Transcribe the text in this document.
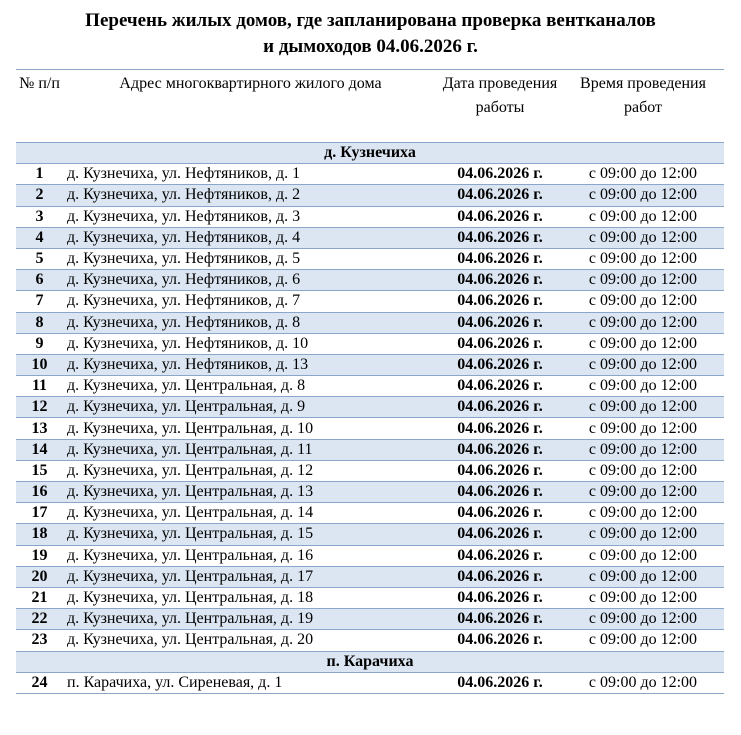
Перечень жилых домов, где запланирована проверка вентканалов
и дымоходов 04.06.2026 г.
№ п/п	Адрес многоквартирного жилого дома	Дата проведения работы	Время проведения работ
д. Кузнечиха			
1	д. Кузнечиха, ул. Нефтяников, д. 1	04.06.2026 г.	с 09:00 до 12:00
2	д. Кузнечиха, ул. Нефтяников, д. 2	04.06.2026 г.	с 09:00 до 12:00
3	д. Кузнечиха, ул. Нефтяников, д. 3	04.06.2026 г.	с 09:00 до 12:00
4	д. Кузнечиха, ул. Нефтяников, д. 4	04.06.2026 г.	с 09:00 до 12:00
5	д. Кузнечиха, ул. Нефтяников, д. 5	04.06.2026 г.	с 09:00 до 12:00
6	д. Кузнечиха, ул. Нефтяников, д. 6	04.06.2026 г.	с 09:00 до 12:00
7	д. Кузнечиха, ул. Нефтяников, д. 7	04.06.2026 г.	с 09:00 до 12:00
8	д. Кузнечиха, ул. Нефтяников, д. 8	04.06.2026 г.	с 09:00 до 12:00
9	д. Кузнечиха, ул. Нефтяников, д. 10	04.06.2026 г.	с 09:00 до 12:00
10	д. Кузнечиха, ул. Нефтяников, д. 13	04.06.2026 г.	с 09:00 до 12:00
11	д. Кузнечиха, ул. Центральная, д. 8	04.06.2026 г.	с 09:00 до 12:00
12	д. Кузнечиха, ул. Центральная, д. 9	04.06.2026 г.	с 09:00 до 12:00
13	д. Кузнечиха, ул. Центральная, д. 10	04.06.2026 г.	с 09:00 до 12:00
14	д. Кузнечиха, ул. Центральная, д. 11	04.06.2026 г.	с 09:00 до 12:00
15	д. Кузнечиха, ул. Центральная, д. 12	04.06.2026 г.	с 09:00 до 12:00
16	д. Кузнечиха, ул. Центральная, д. 13	04.06.2026 г.	с 09:00 до 12:00
17	д. Кузнечиха, ул. Центральная, д. 14	04.06.2026 г.	с 09:00 до 12:00
18	д. Кузнечиха, ул. Центральная, д. 15	04.06.2026 г.	с 09:00 до 12:00
19	д. Кузнечиха, ул. Центральная, д. 16	04.06.2026 г.	с 09:00 до 12:00
20	д. Кузнечиха, ул. Центральная, д. 17	04.06.2026 г.	с 09:00 до 12:00
21	д. Кузнечиха, ул. Центральная, д. 18	04.06.2026 г.	с 09:00 до 12:00
22	д. Кузнечиха, ул. Центральная, д. 19	04.06.2026 г.	с 09:00 до 12:00
23	д. Кузнечиха, ул. Центральная, д. 20	04.06.2026 г.	с 09:00 до 12:00
п. Карачиха			
24	п. Карачиха, ул. Сиреневая, д. 1	04.06.2026 г.	с 09:00 до 12:00
